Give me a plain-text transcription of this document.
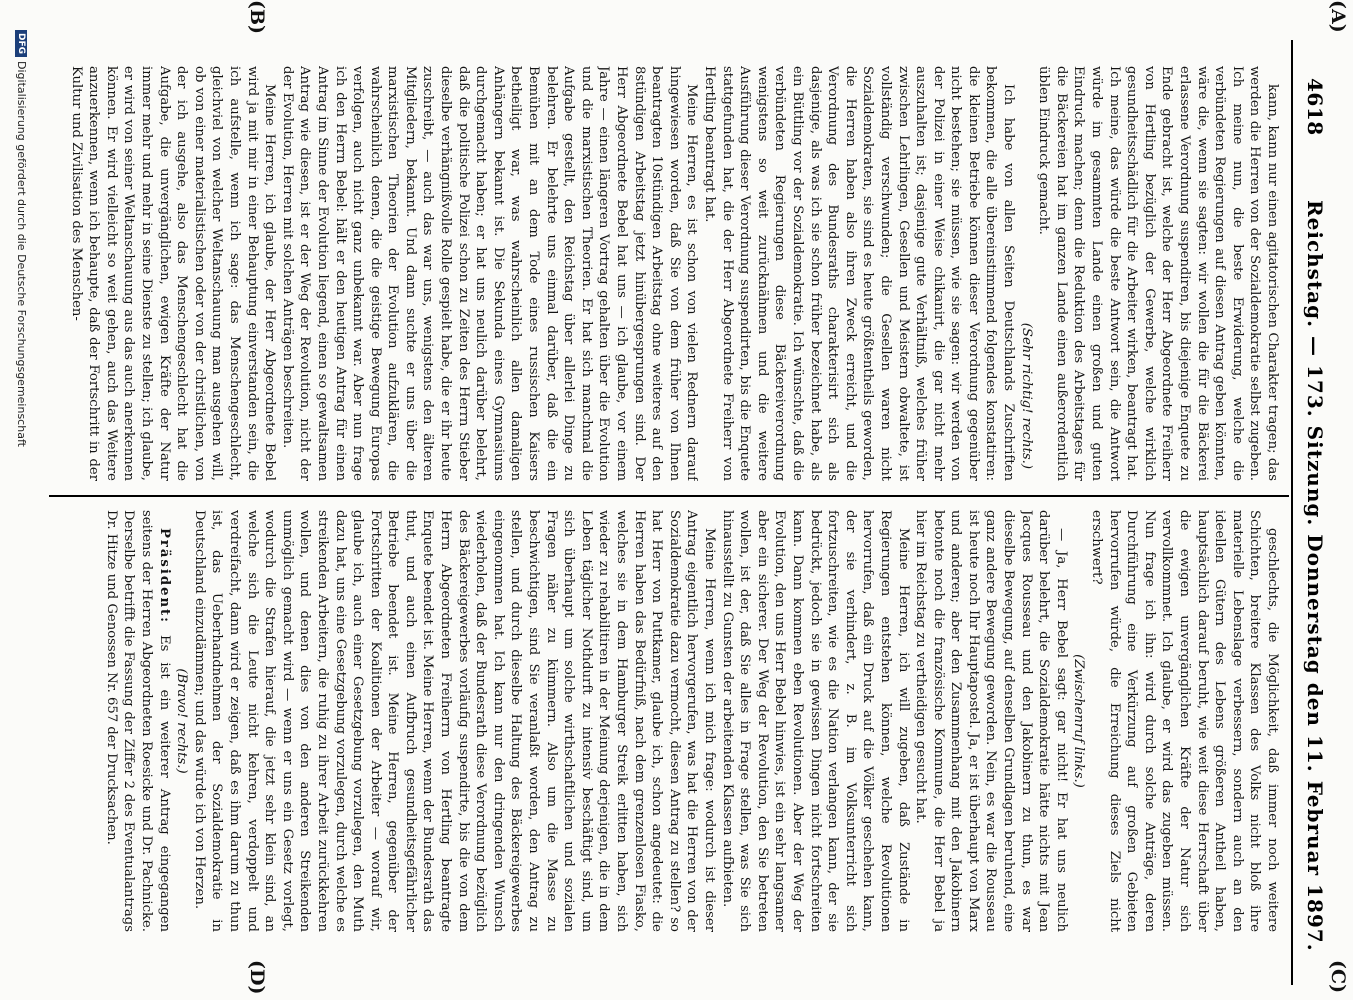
4618
Reichstag. — 173. Sitzung. Donnerstag den 11. Februar 1897.
(A)
(B)
(C)
(D)

kann, kann nur einen agitatorischen Charakter tragen; das werden die Herren von der Sozialdemokratie selbst zugeben. Ich meine nun, die beste Erwiderung, welche die verbündeten Regierungen auf diesen Antrag geben könnten, wäre die, wenn sie sagten: wir wollen die für die Bäckerei erlassene Verordnung suspendiren, bis diejenige Enquete zu Ende gebracht ist, welche der Herr Abgeordnete Freiherr von Hertling bezüglich der Gewerbe, welche wirklich gesundheitsschädlich für die Arbeiter wirken, beantragt hat. Ich meine, das würde die beste Antwort sein, die Antwort würde im gesammten Lande einen großen und guten Eindruck machen; denn die Reduktion des Arbeitstages für die Bäckereien hat im ganzen Lande einen außerordentlich üblen Eindruck gemacht.

(Sehr richtig! rechts.)

Ich habe von allen Seiten Deutschlands Zuschriften bekommen, die alle übereinstimmend folgendes konstatiren: die kleinen Betriebe können dieser Verordnung gegenüber nicht bestehen; sie müssen, wie sie sagen: wir werden von der Polizei in einer Weise chikanirt, die gar nicht mehr auszuhalten ist; dasjenige gute Verhältniß, welches früher zwischen Lehrlingen, Gesellen und Meistern obwaltete, ist vollständig verschwunden; die Gesellen waren nicht Sozialdemokraten, sie sind es heute größtentheils geworden, die Herren haben also ihren Zweck erreicht, und die Verordnung des Bundesraths charakterisirt sich als dasjenige, als was ich sie schon früher bezeichnet habe, als ein Büttling vor der Sozialdemokratie. Ich wünschte, daß die verbündeten Regierungen diese Bäckereiverordnung wenigstens so weit zurücknähmen und die weitere Ausführung dieser Verordnung suspendirten, bis die Enquete stattgefunden hat, die der Herr Abgeordnete Freiherr von Hertling beantragt hat.

Meine Herren, es ist schon von vielen Rednern darauf hingewiesen worden, daß Sie von dem früher von Ihnen beantragten 10stündigen Arbeitstag ohne weiteres auf den 8stündigen Arbeitstag jetzt hinübergesprungen sind. Der Herr Abgeordnete Bebel hat uns — ich glaube, vor einem Jahre — einen längeren Vortrag gehalten über die Evolution und die marxistischen Theorien. Er hat sich manchmal die Aufgabe gestellt, den Reichstag über allerlei Dinge zu belehren. Er belehrte uns einmal darüber, daß die ein Bemühen mit an dem Tode eines russischen Kaisers betheiligt war, was wahrscheinlich allen damaligen Anhängern bekannt ist. Die Sekunda eines Gymnasiums durchgemacht haben; er hat uns neulich darüber belehrt, daß die politische Polizei schon zu Zeiten des Herrn Stieber dieselbe verhängnißvolle Rolle gespielt habe, die er ihr heute zuschreibt, — auch das war uns, wenigstens den älteren Mitgliedern, bekannt. Und dann suchte er uns über die marxistischen Theorien der Evolution aufzuklären, die wahrscheinlich denen, die die geistige Bewegung Europas verfolgen, auch nicht ganz unbekannt war. Aber nun frage ich den Herrn Bebel: hält er den heutigen Antrag für einen Antrag im Sinne der Evolution liegend, einen so gewaltsamen Antrag wie diesen, ist er der Weg der Revolution, nicht der der Evolution, Herren mit solchen Anträgen beschreiten.

Meine Herren, ich glaube, der Herr Abgeordnete Bebel wird ja mit mir in einer Behauptung einverstanden sein, die ich aufstelle, wenn ich sage: das Menschengeschlecht, gleichviel von welcher Weltanschauung man ausgehen will, ob von einer materialistischen oder von der christlichen, von der ich ausgehe, also das Menschengeschlecht hat die Aufgabe, die unvergänglichen, ewigen Kräfte der Natur immer mehr und mehr in seine Dienste zu stellen; ich glaube, er wird von seiner Weltanschauung aus das auch anerkennen können. Er wird vielleicht so weit gehen, auch das Weitere anzuerkennen, wenn ich behaupte, daß der Fortschritt in der Kultur und Zivilisation des Menschen-

geschlechts, die Möglichkeit, daß immer noch weitere Schichten, breitere Klassen des Volks nicht bloß ihre materielle Lebenslage verbessern, sondern auch an den ideellen Gütern des Lebens größeren Antheil haben, hauptsächlich darauf beruht, wie weit diese Herrschaft über die ewigen unvergänglichen Kräfte der Natur sich vervollkommnet. Ich glaube, er wird das zugeben müssen. Nun frage ich ihn: wird durch solche Anträge, deren Durchführung eine Verkürzung auf großen Gebieten hervorrufen würde, die Erreichung dieses Ziels nicht erschwert?

(Zwischenruf links.)

— Ja, Herr Bebel sagt: gar nicht! Er hat uns neulich darüber belehrt, die Sozialdemokratie hätte nichts mit Jean Jacques Rousseau und den Jakobinern zu thun, es war dieselbe Bewegung, auf denselben Grundlagen beruhend, eine ganz andere Bewegung geworden. Nein, es war die Rousseau ist heute noch Ihr Hauptapostel. Ja, er ist überhaupt von Marx und anderen; aber den Zusammenhang mit den Jakobinern betonte noch die französische Kommune, die Herr Bebel ja hier im Reichstag zu vertheidigen gesucht hat.

Meine Herren, ich will zugeben, daß Zustände in Regierungen entstehen können, welche Revolutionen hervorrufen, daß ein Druck auf die Völker geschehen kann, der sie verhindert, z. B. im Volksunterricht sich fortzuschreiten, wie es die Nation verlangen kann, der sie bedrückt, jedoch sie in gewissen Dingen nicht fortschreiten kann. Dann kommen eben Revolutionen. Aber der Weg der Evolution, den uns Herr Bebel hinwies, ist ein sehr langsamer aber ein sicherer. Der Weg der Revolution, den Sie betreten wollen, ist der, daß Sie alles in Frage stellen, was Sie sich hinausstellt zu Gunsten der arbeitenden Klassen aufbieten.

Meine Herren, wenn ich mich frage: wodurch ist dieser Antrag eigentlich hervorgerufen, was hat die Herren von der Sozialdemokratie dazu vermocht, diesen Antrag zu stellen? so hat Herr von Puttkamer, glaube ich, schon angedeutet: die Herren haben das Bedürfniß, nach dem grenzenlosen Fiasko, welches sie in dem Hamburger Streik erlitten haben, sich wieder zu rehabilitiren in der Meinung derjenigen, die in dem Leben täglicher Nothdurft zu intensiv beschäftigt sind, um sich überhaupt um solche wirthschaftlichen und sozialen Fragen näher zu kümmern. Also um die Masse zu beschwichtigen, sind Sie veranlaßt worden, den Antrag zu stellen, und durch dieselbe Haltung des Bäckereigewerbes eingenommen hat. Ich kann nur den dringenden Wunsch wiederholen, daß der Bundesrath diese Verordnung bezüglich des Bäckereigewerbes vorläufig suspendirte, bis die von dem Herrn Abgeordneten Freiherrn von Hertling beantragte Enquete beendet ist. Meine Herren, wenn der Bundesrath das thut, und auch einen Aufbruch gesundheitsgefährlicher Betriebe beendet ist. Meine Herren, gegenüber der Fortschritten der Koalitionen der Arbeiter — worauf wir, glaube ich, auch einer Gesetzgebung vorzulegen, den Muth dazu hat, uns eine Gesetzgebung vorzulegen, durch welche es streikenden Arbeitern, die ruhig zu ihrer Arbeit zurückkehren wollen, und denen dies von den anderen Streikenden unmöglich gemacht wird — wenn er uns ein Gesetz vorlegt, wodurch die Strafen hierauf, die jetzt sehr klein sind, an welche sich die Leute nicht kehren, verdoppelt und verdreifacht, dann wird er zeigen, daß es ihm darum zu thun ist, das Ueberhandnehmen der Sozialdemokratie in Deutschland einzudämmen; und das würde ich von Herzen.

(Bravo! rechts.)

Präsident: Es ist ein weiterer Antrag eingegangen seitens der Herren Abgeordneten Roesicke und Dr. Pachnicke. Derselbe betrifft die Fassung der Ziffer 2 des Eventualantrags Dr. Hitze und Genossen Nr. 657 der Drucksachen.

DFGDigitalisierung gefördert durch die Deutsche Forschungsgemeinschaft
